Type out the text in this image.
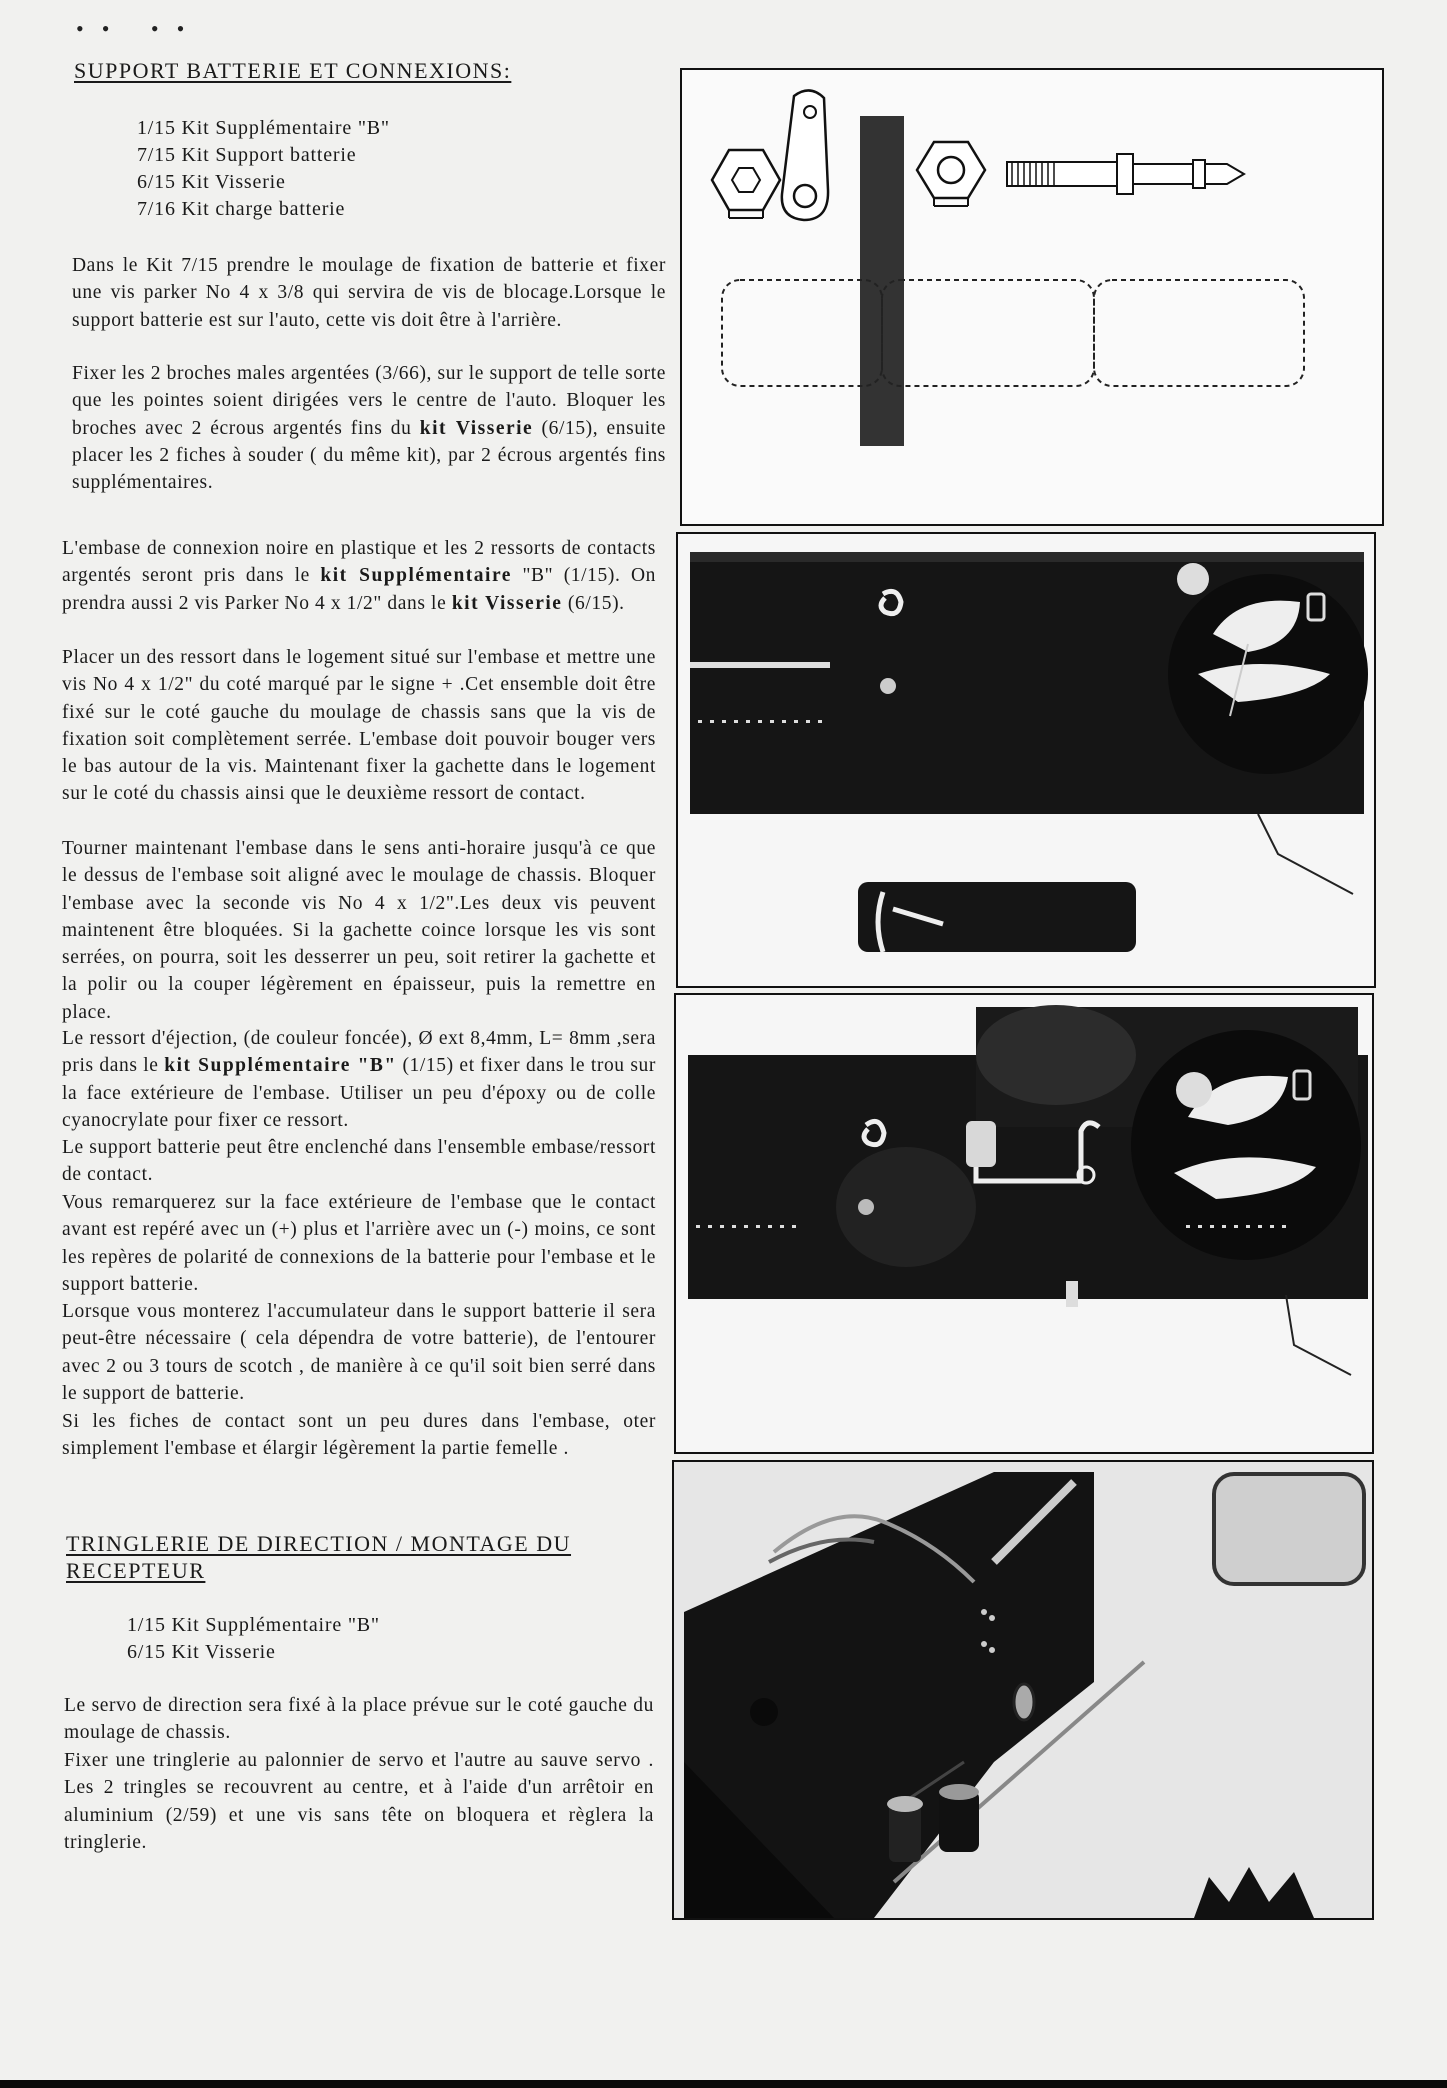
•• ••
SUPPORT BATTERIE ET CONNEXIONS:
1/15 Kit Supplémentaire "B"
7/15 Kit Support batterie
6/15 Kit Visserie
7/16 Kit charge batterie

Dans le Kit 7/15 prendre le moulage de fixation de batterie et fixer une vis parker No 4 x 3/8 qui servira de vis de blocage.Lorsque le support batterie est sur l'auto, cette vis doit être à l'arrière.

Fixer les 2 broches males argentées (3/66), sur le support de telle sorte que les pointes soient dirigées vers le centre de l'auto. Bloquer les broches avec 2 écrous argentés fins du kit Visserie (6/15), ensuite placer les 2 fiches à souder ( du même kit), par 2 écrous argentés fins supplémentaires.

L'embase de connexion noire en plastique et les 2 ressorts de contacts argentés seront pris dans le kit Supplémentaire "B" (1/15). On prendra aussi 2 vis Parker No 4 x 1/2" dans le kit Visserie (6/15).

Placer un des ressort dans le logement situé sur l'embase et mettre une vis No 4 x 1/2" du coté marqué par le signe + .Cet ensemble doit être fixé sur le coté gauche du moulage de chassis sans que la vis de fixation soit complètement serrée. L'embase doit pouvoir bouger vers le bas autour de la vis. Maintenant fixer la gachette dans le logement sur le coté du chassis ainsi que le deuxième ressort de contact.

Tourner maintenant l'embase dans le sens anti-horaire jusqu'à ce que le dessus de l'embase soit aligné avec le moulage de chassis. Bloquer l'embase avec la seconde vis No 4 x 1/2".Les deux vis peuvent maintenent être bloquées. Si la gachette coince lorsque les vis sont serrées, on pourra, soit les desserrer un peu, soit retirer la gachette et la polir ou la couper légèrement en épaisseur, puis la remettre en place.

Le ressort d'éjection, (de couleur foncée), Ø ext 8,4mm, L= 8mm ,sera pris dans le kit Supplémentaire "B" (1/15) et fixer dans le trou sur la face extérieure de l'embase. Utiliser un peu d'époxy ou de colle cyanocrylate pour fixer ce ressort.

Le support batterie peut être enclenché dans l'ensemble embase/ressort de contact.

Vous remarquerez sur la face extérieure de l'embase que le contact avant est repéré avec un (+) plus et l'arrière avec un (-) moins, ce sont les repères de polarité de connexions de la batterie pour l'embase et le support batterie.

Lorsque vous monterez l'accumulateur dans le support batterie il sera peut-être nécessaire ( cela dépendra de votre batterie), de l'entourer avec 2 ou 3 tours de scotch , de manière à ce qu'il soit bien serré dans le support de batterie.

Si les fiches de contact sont un peu dures dans l'embase, oter simplement l'embase et élargir légèrement la partie femelle .

TRINGLERIE DE DIRECTION / MONTAGE DU
RECEPTEUR
1/15 Kit Supplémentaire "B"
6/15 Kit Visserie

Le servo de direction sera fixé à la place prévue sur le coté gauche du moulage de chassis.

Fixer une tringlerie au palonnier de servo et l'autre au sauve servo . Les 2 tringles se recouvrent au centre, et à l'aide d'un arrêtoir en aluminium (2/59) et une vis sans tête on bloquera et règlera la tringlerie.
